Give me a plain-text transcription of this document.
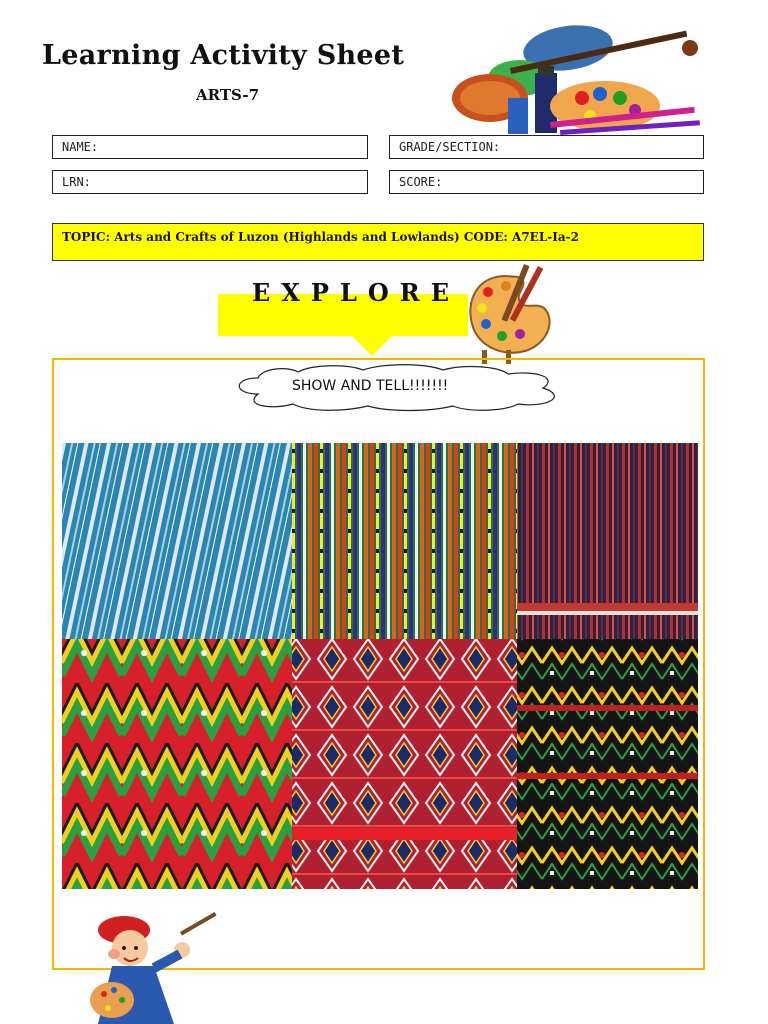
Learning Activity Sheet
ARTS-7
NAME:	GRADE/SECTION:
LRN:	SCORE:
TOPIC: Arts and Crafts of Luzon (Highlands and Lowlands) CODE: A7EL-Ia-2
EXPLORE
SHOW AND TELL!!!!!!!
